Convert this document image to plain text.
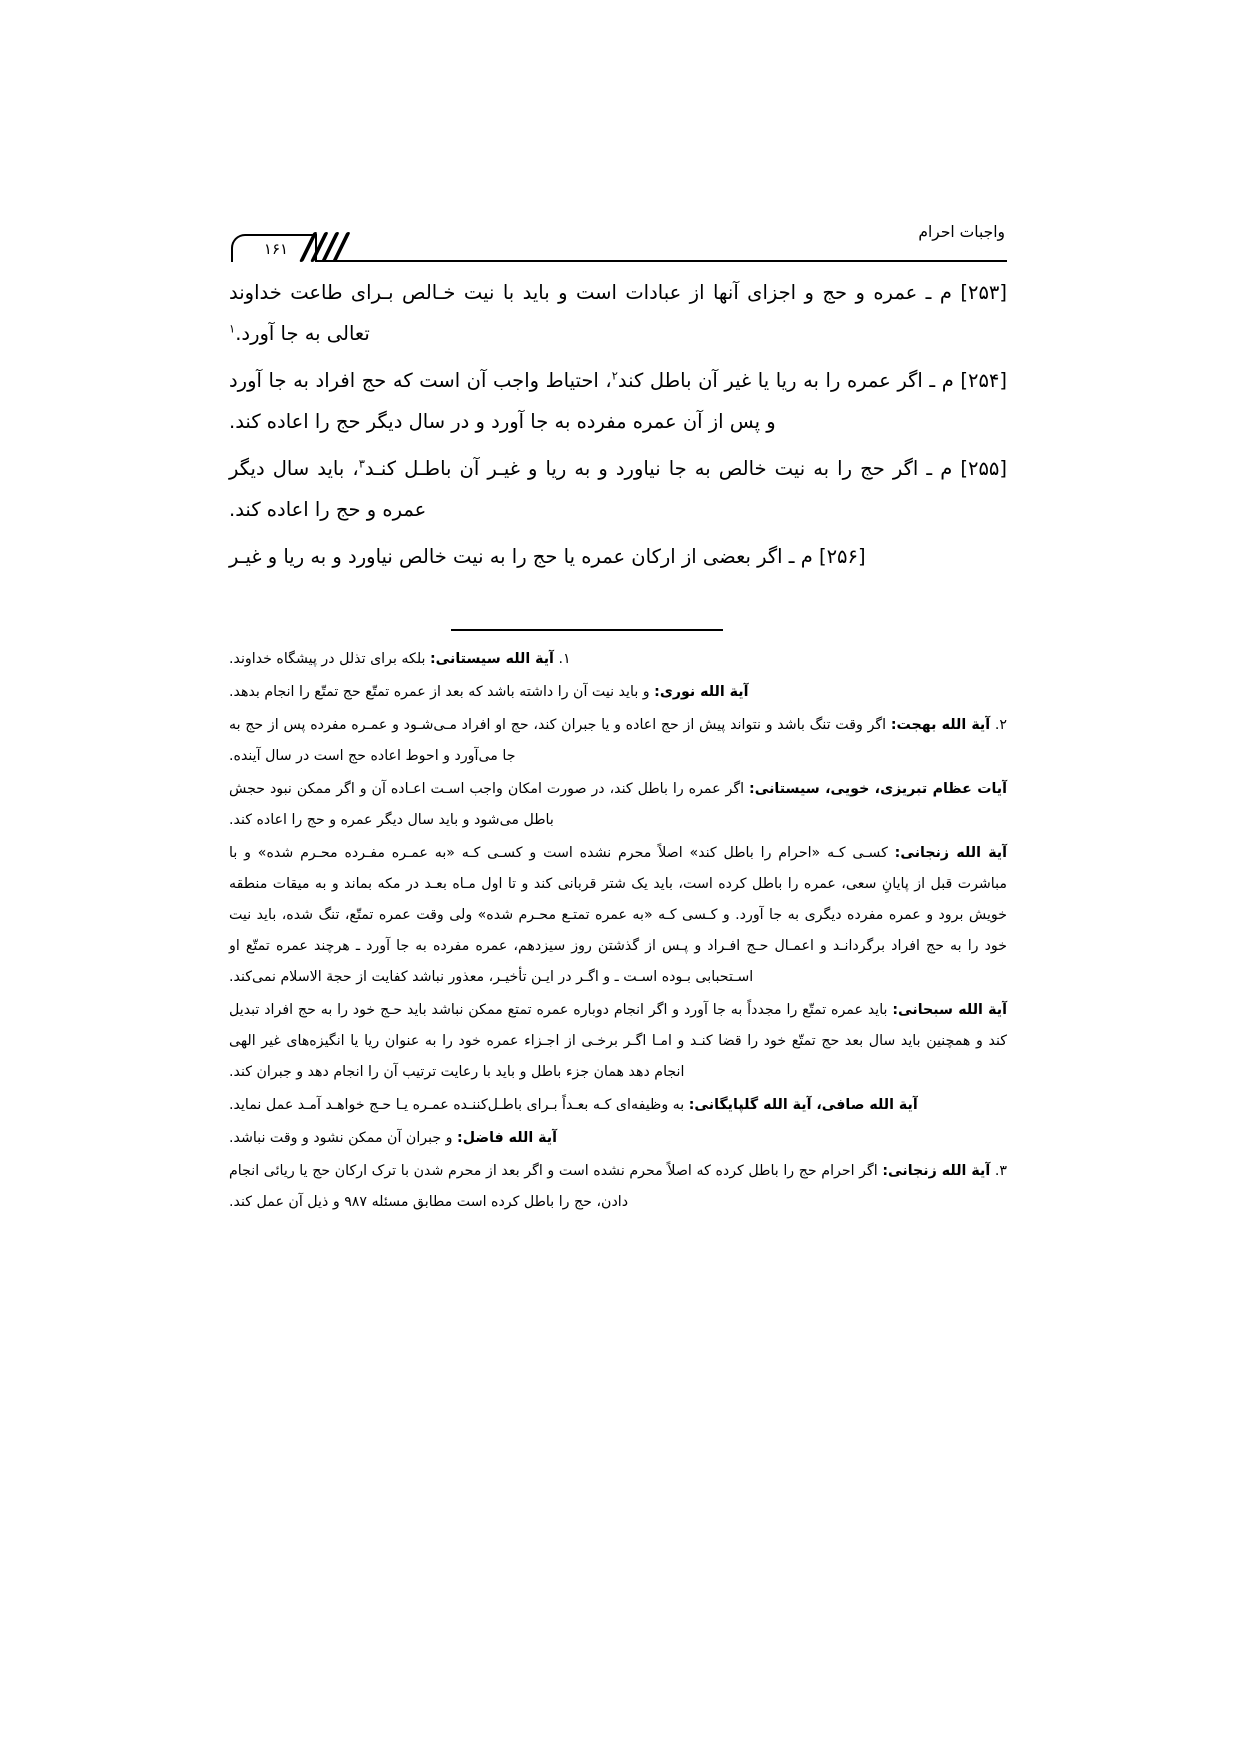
واجبات احرام
۱۶۱

[۲۵۳] م ـ عمره و حج و اجزای آنها از عبادات است و باید با نیت خـالص بـرای طاعت خداوند تعالی به جا آورد.$^۱$

[۲۵۴] م ـ اگر عمره را به ریا یا غیر آن باطل کند$^۲$، احتیاط واجب آن است که حج افراد به جا آورد و پس از آن عمره مفرده به جا آورد و در سال دیگر حج را اعاده کند.

[۲۵۵] م ـ اگر حج را به نیت خالص به جا نیاورد و به ریا و غیـر آن باطـل کنـد$^۳$، باید سال دیگر عمره و حج را اعاده کند.

[۲۵۶] م ـ اگر بعضی از ارکان عمره یا حج را به نیت خالص نیاورد و به ریا و غیـر

۱. آية الله سيستانی: بلکه برای تذلل در پیشگاه خداوند.

آية الله نوری: و باید نیت آن را داشته باشد که بعد از عمره تمتّع حج تمتّع را انجام بدهد.

۲. آية الله بهجت: اگر وقت تنگ باشد و نتواند پیش از حج اعاده و یا جبران کند، حج او افراد مـی‌شـود و عمـره مفرده پس از حج به جا می‌آورد و احوط اعاده حج است در سال آینده.

آيات عظام تبریزی، خویی، سیستانی: اگر عمره را باطل کند، در صورت امکان واجب اسـت اعـاده آن و اگر ممکن نبود حجش باطل می‌شود و باید سال دیگر عمره و حج را اعاده کند.

آية الله زنجانی: کسـی کـه «احرام را باطل کند» اصلاً محرم نشده است و کسـی کـه «به عمـره مفـرده محـرم شده» و با مباشرت قبل از پایانِ سعی، عمره را باطل کرده است، باید یک شتر قربانی کند و تا اول مـاه بعـد در مکه بماند و به میقات منطقه خویش برود و عمره مفرده دیگری به جا آورد. و کـسی کـه «به عمره تمتـع محـرم شده» ولی وقت عمره تمتّع، تنگ شده، باید نیت خود را به حج افراد برگردانـد و اعمـال حـج افـراد و پـس از گذشتن روز سیزدهم، عمره مفرده به جا آورد ـ هرچند عمره تمتّع او اسـتحبابی بـوده اسـت ـ و اگـر در ایـن تأخیـر، معذور نباشد کفایت از حجة الاسلام نمی‌کند.

آية الله سبحانی: باید عمره تمتّع را مجدداً به جا آورد و اگر انجام دوباره عمره تمتع ممکن نباشد باید حـج خود را به حج افراد تبدیل کند و همچنین باید سال بعد حج تمتّع خود را قضا کنـد و امـا اگـر برخـی از اجـزاء عمره خود را به عنوان ریا یا انگیزه‌های غیر الهی انجام دهد همان جزء باطل و باید با رعایت ترتیب آن را انجام دهد و جبران کند.

آية الله صافی، آية الله گلپایگانی: به وظیفه‌ای کـه بعـداً بـرای باطـل‌کننـده عمـره یـا حـج خواهـد آمـد عمل نماید.

آية الله فاضل: و جبران آن ممکن نشود و وقت نباشد.

۳. آية الله زنجانی: اگر احرام حج را باطل کرده که اصلاً محرم نشده است و اگر بعد از محرم شدن با ترک ارکان حج یا ریائی انجام دادن، حج را باطل کرده است مطابق مسئله ۹۸۷ و ذیل آن عمل کند.
